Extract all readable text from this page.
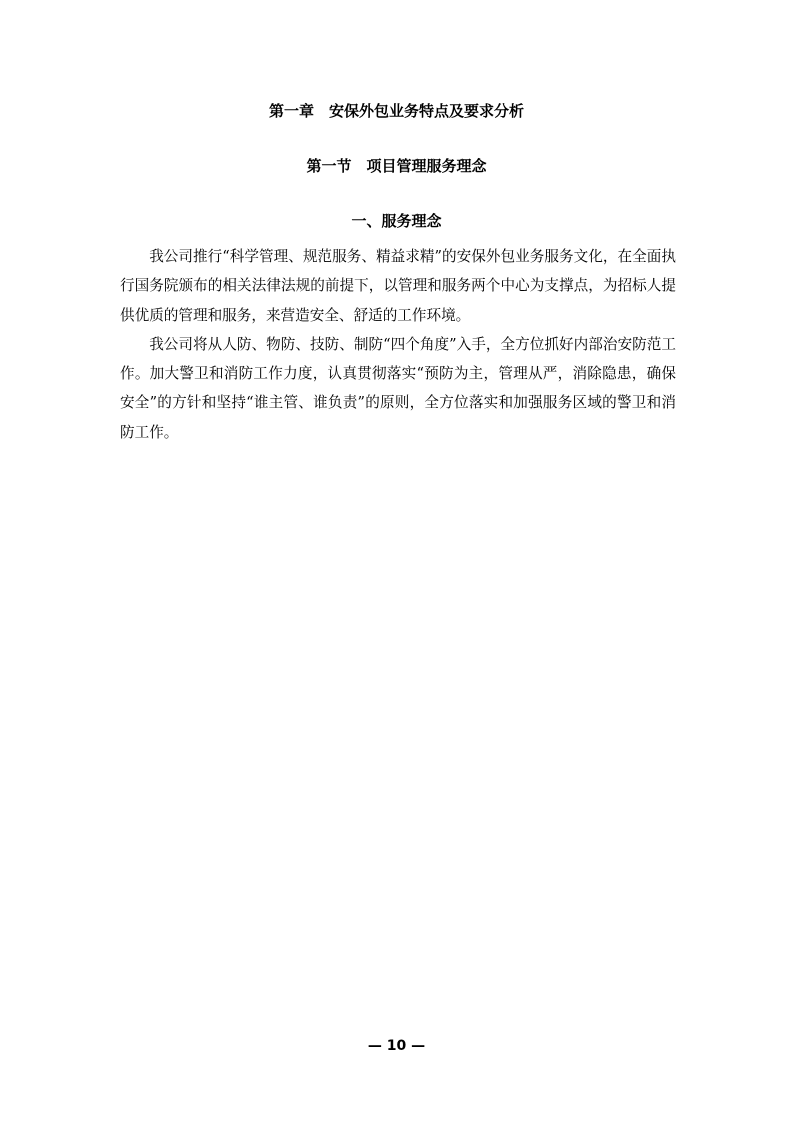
第一章　安保外包业务特点及要求分析
第一节　项目管理服务理念
一、服务理念

我公司推行“科学管理、规范服务、精益求精”的安保外包业务服务文化，在全面执行国务院颁布的相关法律法规的前提下，以管理和服务两个中心为支撑点，为招标人提供优质的管理和服务，来营造安全、舒适的工作环境。

我公司将从人防、物防、技防、制防“四个角度”入手，全方位抓好内部治安防范工作。加大警卫和消防工作力度，认真贯彻落实“预防为主，管理从严，消除隐患，确保安全”的方针和坚持“谁主管、谁负责”的原则，全方位落实和加强服务区域的警卫和消防工作。

— 10 —
